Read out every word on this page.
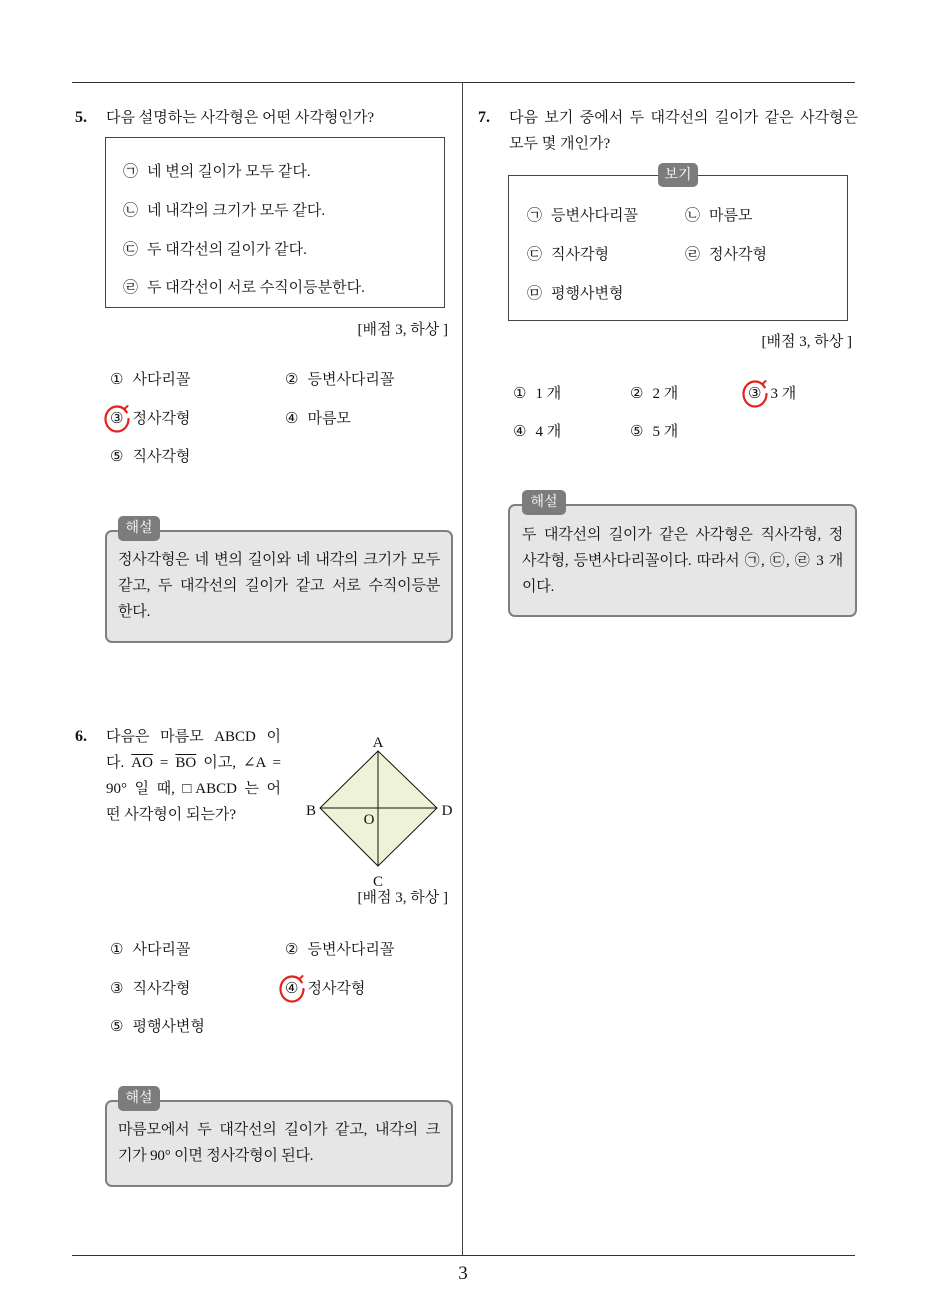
5. 다음 설명하는 사각형은 어떤 사각형인가?
㉠ 네 변의 길이가 모두 같다.
㉡ 네 내각의 크기가 모두 같다.
㉢ 두 대각선의 길이가 같다.
㉣ 두 대각선이 서로 수직이등분한다.
[배점 3, 하상 ]
① 사다리꼴	② 등변사다리꼴
③ 정사각형	④ 마름모
⑤ 직사각형
정사각형은 네 변의 길이와 네 내각의 크기가 모두
같고, 두 대각선의 길이가 같고 서로 수직이등분
한다.
해설
6. 다음은 마름모 ABCD 이
다. $\overline{AO} = \overline{BO}$ 이고, ∠A =
90° 일 때, □ABCD 는 어
떤 사각형이 되는가?
A
B	D
C
O
[배점 3, 하상 ]
① 사다리꼴	② 등변사다리꼴
③ 직사각형	④ 정사각형
⑤ 평행사변형
마름모에서 두 대각선의 길이가 같고, 내각의 크
기가 90° 이면 정사각형이 된다.
해설
7. 다음 보기 중에서 두 대각선의 길이가 같은 사각형은
모두 몇 개인가?
㉠ 등변사다리꼴	㉡ 마름모
㉢ 직사각형	㉣ 정사각형
㉤ 평행사변형
보기
[배점 3, 하상 ]
① 1 개	② 2 개	③ 3 개
④ 4 개	⑤ 5 개
두 대각선의 길이가 같은 사각형은 직사각형, 정
사각형, 등변사다리꼴이다. 따라서 ㉠, ㉢, ㉣ 3 개
이다.
해설
3
